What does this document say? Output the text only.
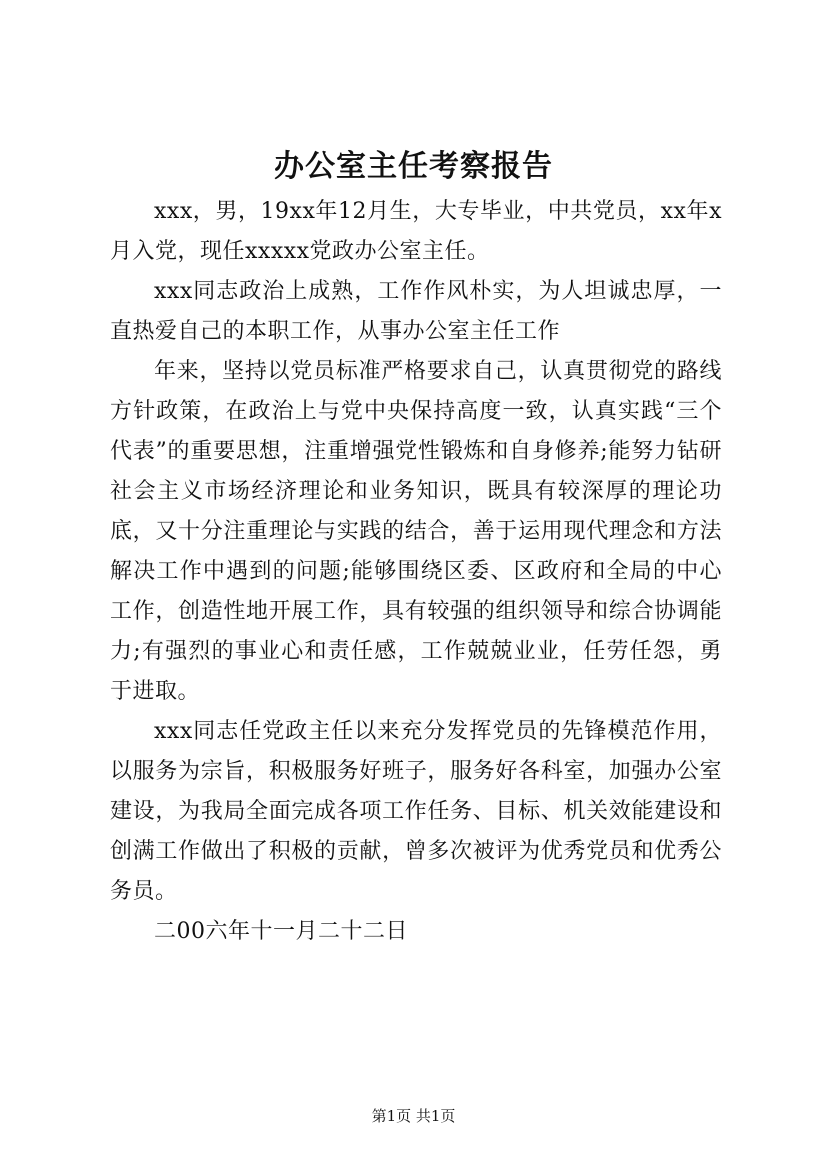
办公室主任考察报告

xxx，男，19xx年12月生，大专毕业，中共党员，xx年x月入党，现任xxxxx党政办公室主任。

xxx同志政治上成熟，工作作风朴实，为人坦诚忠厚，一直热爱自己的本职工作，从事办公室主任工作

年来，坚持以党员标准严格要求自己，认真贯彻党的路线方针政策，在政治上与党中央保持高度一致，认真实践“三个代表”的重要思想，注重增强党性锻炼和自身修养;能努力钻研社会主义市场经济理论和业务知识，既具有较深厚的理论功底，又十分注重理论与实践的结合，善于运用现代理念和方法解决工作中遇到的问题;能够围绕区委、区政府和全局的中心工作，创造性地开展工作，具有较强的组织领导和综合协调能力;有强烈的事业心和责任感，工作兢兢业业，任劳任怨，勇于进取。

xxx同志任党政主任以来充分发挥党员的先锋模范作用，以服务为宗旨，积极服务好班子，服务好各科室，加强办公室建设，为我局全面完成各项工作任务、目标、机关效能建设和创满工作做出了积极的贡献，曾多次被评为优秀党员和优秀公务员。

二00六年十一月二十二日

第1页 共1页
